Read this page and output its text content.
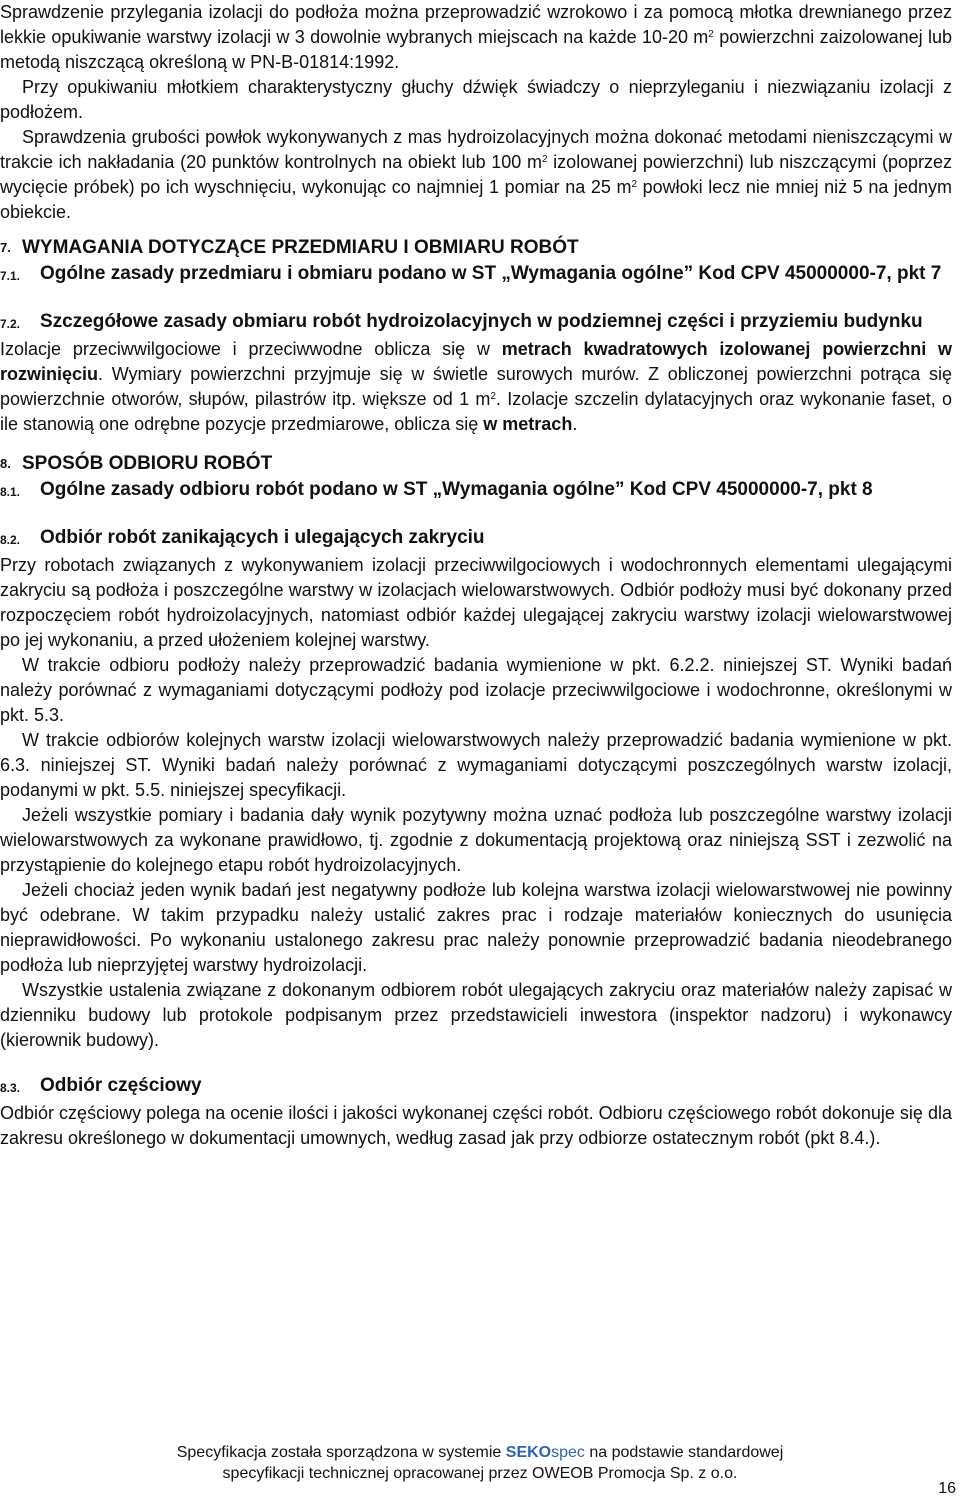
Sprawdzenie przylegania izolacji do podłoża można przeprowadzić wzrokowo i za pomocą młotka drewnianego przez lekkie opukiwanie warstwy izolacji w 3 dowolnie wybranych miejscach na każde 10-20 $m^2$ powierzchni zaizolowanej lub metodą niszczącą określoną w PN-B-01814:1992.

Przy opukiwaniu młotkiem charakterystyczny głuchy dźwięk świadczy o nieprzyleganiu i niezwiązaniu izolacji z podłożem.

Sprawdzenia grubości powłok wykonywanych z mas hydroizolacyjnych można dokonać metodami nieniszczącymi w trakcie ich nakładania (20 punktów kontrolnych na obiekt lub 100 $m^2$ izolowanej powierzchni) lub niszczącymi (poprzez wycięcie próbek) po ich wyschnięciu, wykonując co najmniej 1 pomiar na 25 $m^2$ powłoki lecz nie mniej niż 5 na jednym obiekcie.

7. WYMAGANIA DOTYCZĄCE PRZEDMIARU I OBMIARU ROBÓT
7.1.	Ogólne zasady przedmiaru i obmiaru podano w ST „Wymagania ogólne” Kod CPV 45000000-7, pkt 7
7.2.	Szczegółowe zasady obmiaru robót hydroizolacyjnych w podziemnej części i przyziemiu budynku

Izolacje przeciwwilgociowe i przeciwwodne oblicza się w metrach kwadratowych izolowanej powierzchni w rozwinięciu. Wymiary powierzchni przyjmuje się w świetle surowych murów. Z obliczonej powierzchni potrąca się powierzchnie otworów, słupów, pilastrów itp. większe od 1 $m^2$. Izolacje szczelin dylatacyjnych oraz wykonanie faset, o ile stanowią one odrębne pozycje przedmiarowe, oblicza się w metrach.

8. SPOSÓB ODBIORU ROBÓT
8.1.	Ogólne zasady odbioru robót podano w ST „Wymagania ogólne” Kod CPV 45000000-7, pkt 8
8.2.	Odbiór robót zanikających i ulegających zakryciu

Przy robotach związanych z wykonywaniem izolacji przeciwwilgociowych i wodochronnych elementami ulegającymi zakryciu są podłoża i poszczególne warstwy w izolacjach wielowarstwowych. Odbiór podłoży musi być dokonany przed rozpoczęciem robót hydroizolacyjnych, natomiast odbiór każdej ulegającej zakryciu warstwy izolacji wielowarstwowej po jej wykonaniu, a przed ułożeniem kolejnej warstwy.

W trakcie odbioru podłoży należy przeprowadzić badania wymienione w pkt. 6.2.2. niniejszej ST. Wyniki badań należy porównać z wymaganiami dotyczącymi podłoży pod izolacje przeciwwilgociowe i wodochronne, określonymi w pkt. 5.3.

W trakcie odbiorów kolejnych warstw izolacji wielowarstwowych należy przeprowadzić badania wymienione w pkt. 6.3. niniejszej ST. Wyniki badań należy porównać z wymaganiami dotyczącymi poszczególnych warstw izolacji, podanymi w pkt. 5.5. niniejszej specyfikacji.

Jeżeli wszystkie pomiary i badania dały wynik pozytywny można uznać podłoża lub poszczególne warstwy izolacji wielowarstwowych za wykonane prawidłowo, tj. zgodnie z dokumentacją projektową oraz niniejszą SST i zezwolić na przystąpienie do kolejnego etapu robót hydroizolacyjnych.

Jeżeli chociaż jeden wynik badań jest negatywny podłoże lub kolejna warstwa izolacji wielowarstwowej nie powinny być odebrane. W takim przypadku należy ustalić zakres prac i rodzaje materiałów koniecznych do usunięcia nieprawidłowości. Po wykonaniu ustalonego zakresu prac należy ponownie przeprowadzić badania nieodebranego podłoża lub nieprzyjętej warstwy hydroizolacji.

Wszystkie ustalenia związane z dokonanym odbiorem robót ulegających zakryciu oraz materiałów należy zapisać w dzienniku budowy lub protokole podpisanym przez przedstawicieli inwestora (inspektor nadzoru) i wykonawcy (kierownik budowy).

8.3.	Odbiór częściowy

Odbiór częściowy polega na ocenie ilości i jakości wykonanej części robót. Odbioru częściowego robót dokonuje się dla zakresu określonego w dokumentacji umownych, według zasad jak przy odbiorze ostatecznym robót (pkt 8.4.).

Specyfikacja została sporządzona w systemie SEKOspec na podstawie standardowej
specyfikacji technicznej opracowanej przez OWEOB Promocja Sp. z o.o.
16
